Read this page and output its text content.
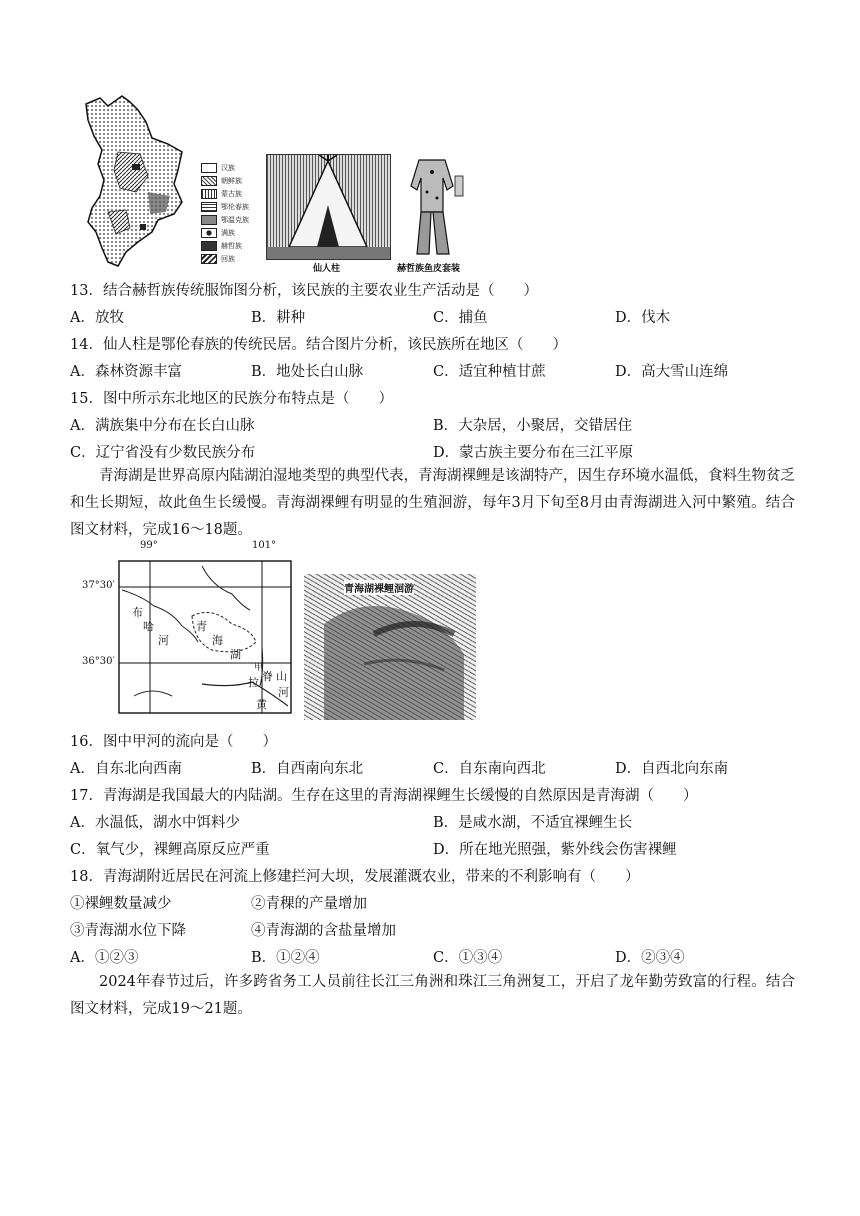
汉族
朝鲜族
蒙古族
鄂伦春族
鄂温克族
满族
赫哲族
回族
仙人柱	赫哲族鱼皮套装
13．结合赫哲族传统服饰图分析，该民族的主要农业生产活动是（　　）
A．放牧	B．耕种	C．捕鱼	D．伐木
14．仙人柱是鄂伦春族的传统民居。结合图片分析，该民族所在地区（　　）
A．森林资源丰富	B．地处长白山脉	C．适宜种植甘蔗	D．高大雪山连绵
15．图中所示东北地区的民族分布特点是（　　）
A．满族集中分布在长白山脉	B．大杂居，小聚居，交错居住
C．辽宁省没有少数民族分布	D．蒙古族主要分布在三江平原
青海湖是世界高原内陆湖泊湿地类型的典型代表，青海湖裸鲤是该湖特产，因生存环境水温低，食料生物贫乏和生长期短，故此鱼生长缓慢。青海湖裸鲤有明显的生殖洄游，每年3月下旬至8月由青海湖进入河中繁殖。结合图文材料，完成16～18题。
99°	101°
37°30′
36°30′
布
哈
河
青
海
湖
甲
拉 脊 山
河
黄
青海湖裸鲤洄游
16．图中甲河的流向是（　　）
A．自东北向西南	B．自西南向东北	C．自东南向西北	D．自西北向东南
17．青海湖是我国最大的内陆湖。生存在这里的青海湖裸鲤生长缓慢的自然原因是青海湖（　　）
A．水温低，湖水中饵料少	B．是咸水湖，不适宜裸鲤生长
C．氧气少，裸鲤高原反应严重	D．所在地光照强，紫外线会伤害裸鲤
18．青海湖附近居民在河流上修建拦河大坝，发展灌溉农业，带来的不利影响有（　　）
①裸鲤数量减少	②青稞的产量增加
③青海湖水位下降	④青海湖的含盐量增加
A．①②③	B．①②④	C．①③④	D．②③④
2024年春节过后，许多跨省务工人员前往长江三角洲和珠江三角洲复工，开启了龙年勤劳致富的行程。结合图文材料，完成19～21题。
